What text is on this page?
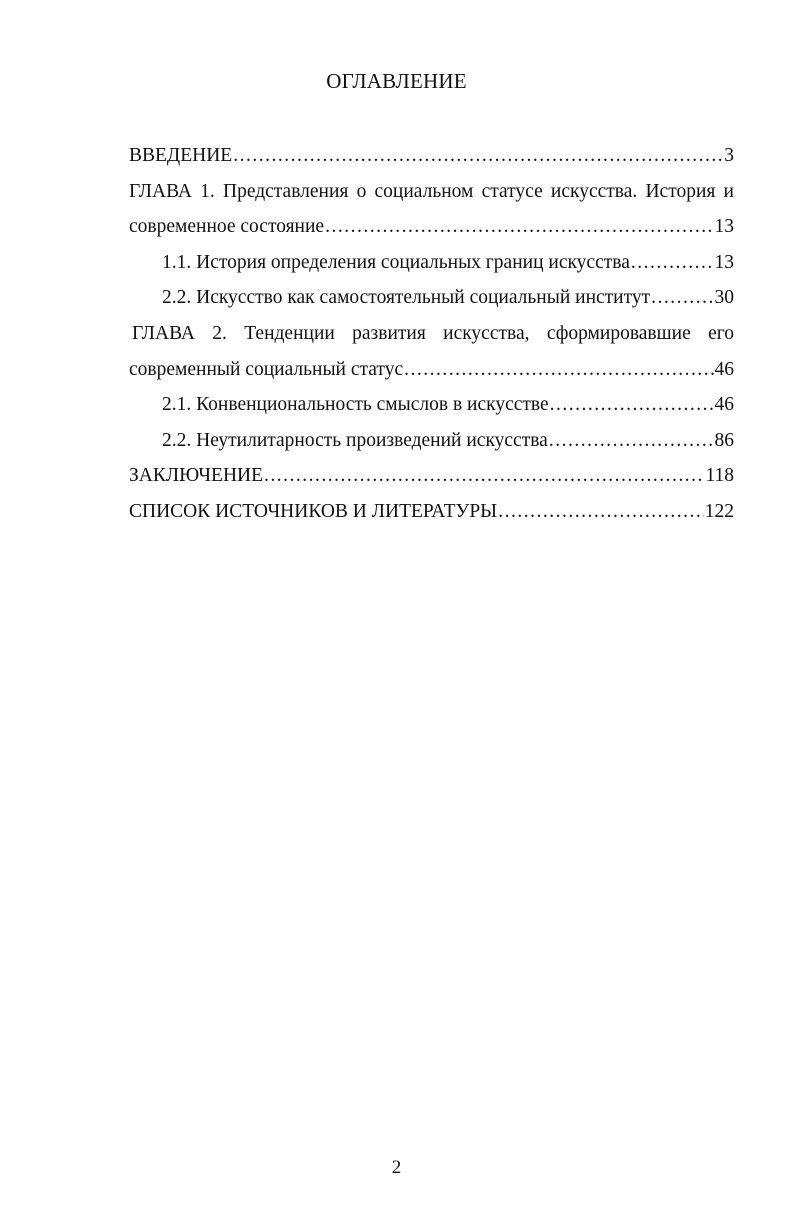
ОГЛАВЛЕНИЕ
ВВЕДЕНИЕ .....	3
ГЛАВА 1. Представления о социальном статусе искусства. История и
современное состояние .....	13
1.1. История определения социальных границ искусства .....	13
2.2. Искусство как самостоятельный социальный институт .....	30
ГЛАВА 2. Тенденции развития искусства, сформировавшие его
современный социальный статус .....	46
2.1. Конвенциональность смыслов в искусстве .....	46
2.2. Неутилитарность произведений искусства .....	86
ЗАКЛЮЧЕНИЕ .....	118
СПИСОК ИСТОЧНИКОВ И ЛИТЕРАТУРЫ .....	122
2
